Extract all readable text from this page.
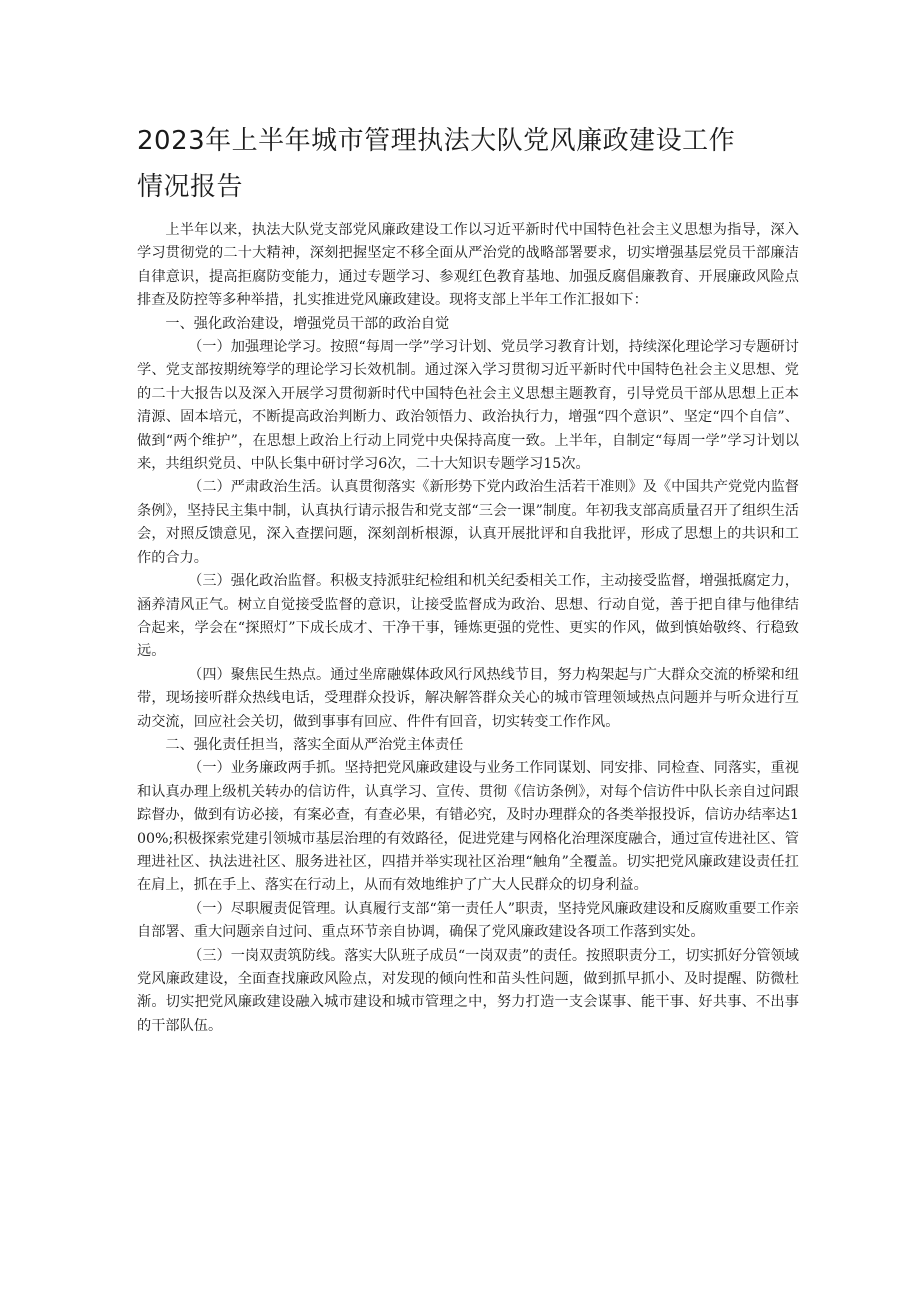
2023年上半年城市管理执法大队党风廉政建设工作
情况报告

上半年以来，执法大队党支部党风廉政建设工作以习近平新时代中国特色社会主义思想为指导，深入学习贯彻党的二十大精神，深刻把握坚定不移全面从严治党的战略部署要求，切实增强基层党员干部廉洁自律意识，提高拒腐防变能力，通过专题学习、参观红色教育基地、加强反腐倡廉教育、开展廉政风险点排查及防控等多种举措，扎实推进党风廉政建设。现将支部上半年工作汇报如下：

一、强化政治建设，增强党员干部的政治自觉

（一）加强理论学习。按照“每周一学”学习计划、党员学习教育计划，持续深化理论学习专题研讨学、党支部按期统筹学的理论学习长效机制。通过深入学习贯彻习近平新时代中国特色社会主义思想、党的二十大报告以及深入开展学习贯彻新时代中国特色社会主义思想主题教育，引导党员干部从思想上正本清源、固本培元，不断提高政治判断力、政治领悟力、政治执行力，增强“四个意识”、坚定“四个自信”、做到“两个维护”，在思想上政治上行动上同党中央保持高度一致。上半年，自制定“每周一学”学习计划以来，共组织党员、中队长集中研讨学习6次，二十大知识专题学习15次。

（二）严肃政治生活。认真贯彻落实《新形势下党内政治生活若干准则》及《中国共产党党内监督条例》，坚持民主集中制，认真执行请示报告和党支部“三会一课”制度。年初我支部高质量召开了组织生活会，对照反馈意见，深入查摆问题，深刻剖析根源，认真开展批评和自我批评，形成了思想上的共识和工作的合力。

（三）强化政治监督。积极支持派驻纪检组和机关纪委相关工作，主动接受监督，增强抵腐定力，涵养清风正气。树立自觉接受监督的意识，让接受监督成为政治、思想、行动自觉，善于把自律与他律结合起来，学会在“探照灯”下成长成才、干净干事，锤炼更强的党性、更实的作风，做到慎始敬终、行稳致远。

（四）聚焦民生热点。通过坐席融媒体政风行风热线节目，努力构架起与广大群众交流的桥梁和纽带，现场接听群众热线电话，受理群众投诉，解决解答群众关心的城市管理领域热点问题并与听众进行互动交流，回应社会关切，做到事事有回应、件件有回音，切实转变工作作风。

二、强化责任担当，落实全面从严治党主体责任

（一）业务廉政两手抓。坚持把党风廉政建设与业务工作同谋划、同安排、同检查、同落实，重视和认真办理上级机关转办的信访件，认真学习、宣传、贯彻《信访条例》，对每个信访件中队长亲自过问跟踪督办，做到有访必接，有案必查，有查必果，有错必究，及时办理群众的各类举报投诉，信访办结率达100%;积极探索党建引领城市基层治理的有效路径，促进党建与网格化治理深度融合，通过宣传进社区、管理进社区、执法进社区、服务进社区，四措并举实现社区治理“触角”全覆盖。切实把党风廉政建设责任扛在肩上，抓在手上、落实在行动上，从而有效地维护了广大人民群众的切身利益。

（一）尽职履责促管理。认真履行支部“第一责任人”职责，坚持党风廉政建设和反腐败重要工作亲自部署、重大问题亲自过问、重点环节亲自协调，确保了党风廉政建设各项工作落到实处。

（三）一岗双责筑防线。落实大队班子成员“一岗双责”的责任。按照职责分工，切实抓好分管领域党风廉政建设，全面查找廉政风险点，对发现的倾向性和苗头性问题，做到抓早抓小、及时提醒、防微杜渐。切实把党风廉政建设融入城市建设和城市管理之中，努力打造一支会谋事、能干事、好共事、不出事的干部队伍。
